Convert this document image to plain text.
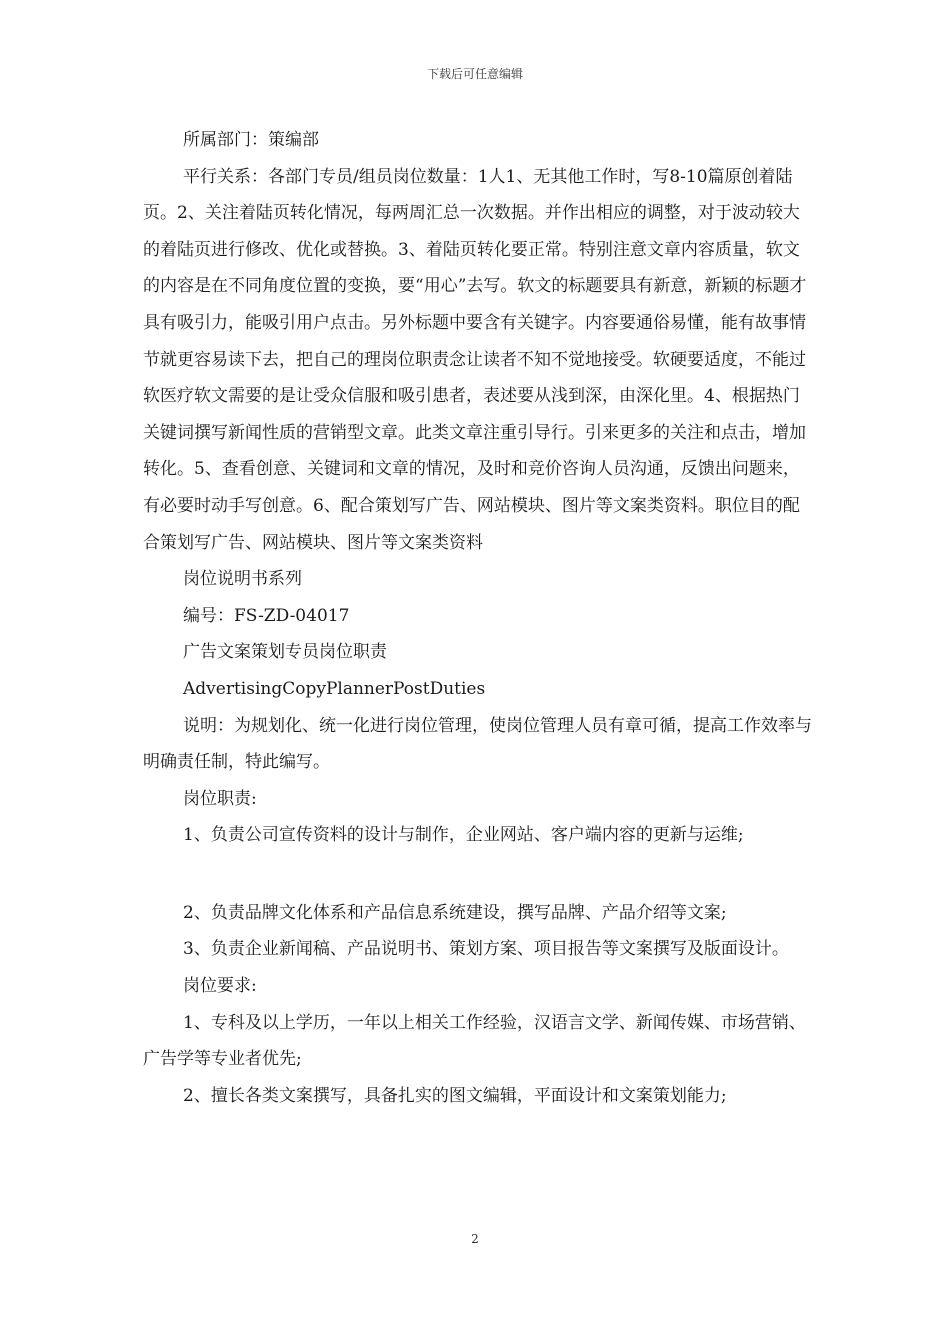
下载后可任意编辑

所属部门：策编部

平行关系：各部门专员/组员岗位数量：1人1、无其他工作时，写8-10篇原创着陆页。2、关注着陆页转化情况，每两周汇总一次数据。并作出相应的调整，对于波动较大的着陆页进行修改、优化或替换。3、着陆页转化要正常。特别注意文章内容质量，软文的内容是在不同角度位置的变换，要“用心”去写。软文的标题要具有新意，新颖的标题才具有吸引力，能吸引用户点击。另外标题中要含有关键字。内容要通俗易懂，能有故事情节就更容易读下去，把自己的理岗位职责念让读者不知不觉地接受。软硬要适度，不能过软医疗软文需要的是让受众信服和吸引患者，表述要从浅到深，由深化里。4、根据热门关键词撰写新闻性质的营销型文章。此类文章注重引导行。引来更多的关注和点击，增加转化。5、查看创意、关键词和文章的情况，及时和竞价咨询人员沟通，反馈出问题来，有必要时动手写创意。6、配合策划写广告、网站模块、图片等文案类资料。职位目的配合策划写广告、网站模块、图片等文案类资料

岗位说明书系列

编号：FS-ZD-04017

广告文案策划专员岗位职责

AdvertisingCopyPlannerPostDuties

说明：为规划化、统一化进行岗位管理，使岗位管理人员有章可循，提高工作效率与明确责任制，特此编写。

岗位职责:

1、负责公司宣传资料的设计与制作，企业网站、客户端内容的更新与运维;

2、负责品牌文化体系和产品信息系统建设，撰写品牌、产品介绍等文案;

3、负责企业新闻稿、产品说明书、策划方案、项目报告等文案撰写及版面设计。

岗位要求:

1、专科及以上学历，一年以上相关工作经验，汉语言文学、新闻传媒、市场营销、广告学等专业者优先;

2、擅长各类文案撰写，具备扎实的图文编辑，平面设计和文案策划能力;

2
